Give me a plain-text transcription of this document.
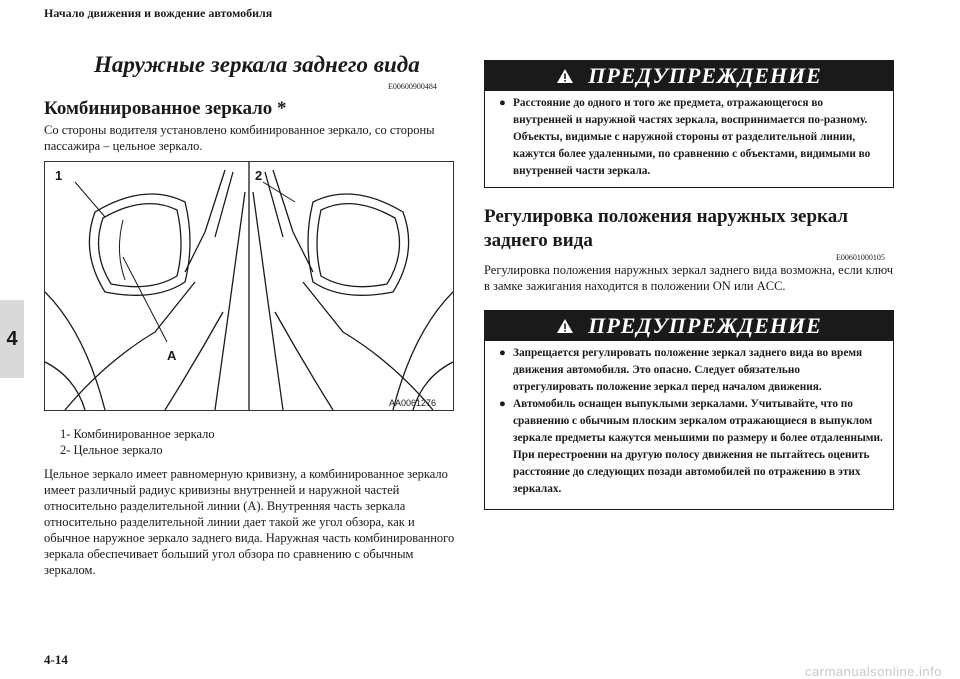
Начало движения и вождение автомобиля
4
Наружные зеркала заднего вида
E00600900484
Комбинированное зеркало *
Со стороны водителя установлено комбинированное зеркало, со стороны пассажира – цельное зеркало.
1	2
A
AA0061276
1- Комбинированное зеркало
2- Цельное зеркало
Цельное зеркало имеет равномерную кривизну, а комбинированное зеркало имеет различный радиус кривизны внутренней и наружной частей относительно разделительной линии (A). Внутренняя часть зеркала относительно разделительной линии дает такой же угол обзора, как и обычное наружное зеркало заднего вида. Наружная часть комбинированного зеркала обеспечивает больший угол обзора по сравнению с обычным зеркалом.
ПРЕДУПРЕЖДЕНИЕ
● Расстояние до одного и того же предмета, отражающегося во внутренней и наружной частях зеркала, воспринимается по-разному. Объекты, видимые с наружной стороны от разделительной линии, кажутся более удаленными, по сравнению с объектами, видимыми во внутренней части зеркала.
Регулировка положения наружных зеркал
заднего вида
E00601000105
Регулировка положения наружных зеркал заднего вида возможна, если ключ в замке зажигания находится в положении ON или ACC.
ПРЕДУПРЕЖДЕНИЕ
● Запрещается регулировать положение зеркал заднего вида во время движения автомобиля. Это опасно. Следует обязательно отрегулировать положение зеркал перед началом движения.
● Автомобиль оснащен выпуклыми зеркалами. Учитывайте, что по сравнению с обычным плоским зеркалом отражающиеся в выпуклом зеркале предметы кажутся меньшими по размеру и более отдаленными. При перестроении на другую полосу движения не пытайтесь оценить расстояние до следующих позади автомобилей по отражению в этих зеркалах.
4-14
carmanualsonline.info
